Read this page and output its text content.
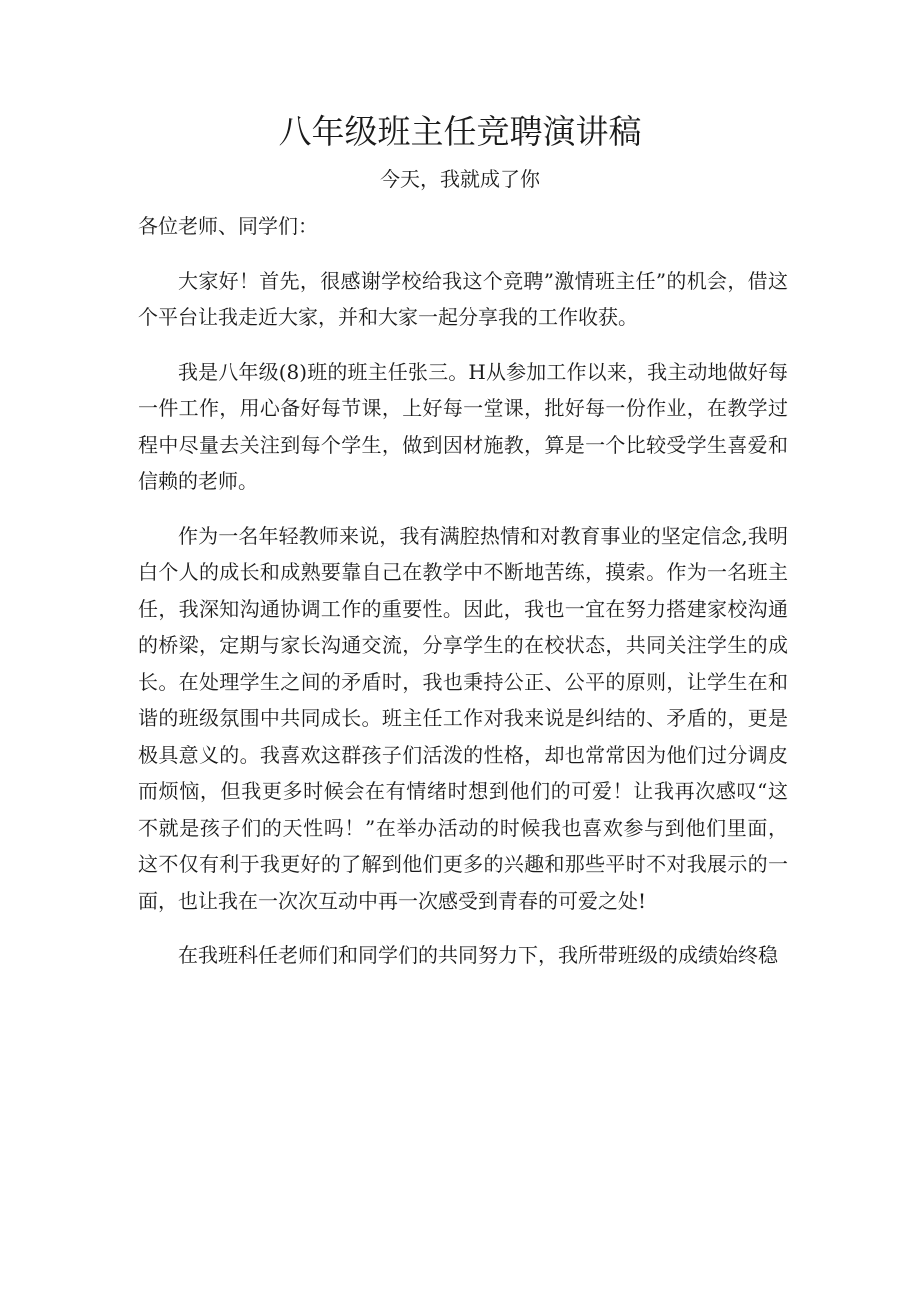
八年级班主任竞聘演讲稿
今天，我就成了你

各位老师、同学们：

大家好！首先，很感谢学校给我这个竞聘”激情班主任”的机会，借这个平台让我走近大家，并和大家一起分享我的工作收获。

我是八年级(8)班的班主任张三。H从参加工作以来，我主动地做好每一件工作，用心备好每节课，上好每一堂课，批好每一份作业，在教学过程中尽量去关注到每个学生，做到因材施教，算是一个比较受学生喜爱和信赖的老师。

作为一名年轻教师来说，我有满腔热情和对教育事业的坚定信念,我明白个人的成长和成熟要靠自己在教学中不断地苦练，摸索。作为一名班主任，我深知沟通协调工作的重要性。因此，我也一宜在努力搭建家校沟通的桥梁，定期与家长沟通交流，分享学生的在校状态，共同关注学生的成长。在处理学生之间的矛盾时，我也秉持公正、公平的原则，让学生在和谐的班级氛围中共同成长。班主任工作对我来说是纠结的、矛盾的，更是极具意义的。我喜欢这群孩子们活泼的性格，却也常常因为他们过分调皮而烦恼，但我更多时候会在有情绪时想到他们的可爱！让我再次感叹“这不就是孩子们的天性吗！”在举办活动的时候我也喜欢参与到他们里面，这不仅有利于我更好的了解到他们更多的兴趣和那些平时不对我展示的一面，也让我在一次次互动中再一次感受到青春的可爱之处!

在我班科任老师们和同学们的共同努力下，我所带班级的成绩始终稳
